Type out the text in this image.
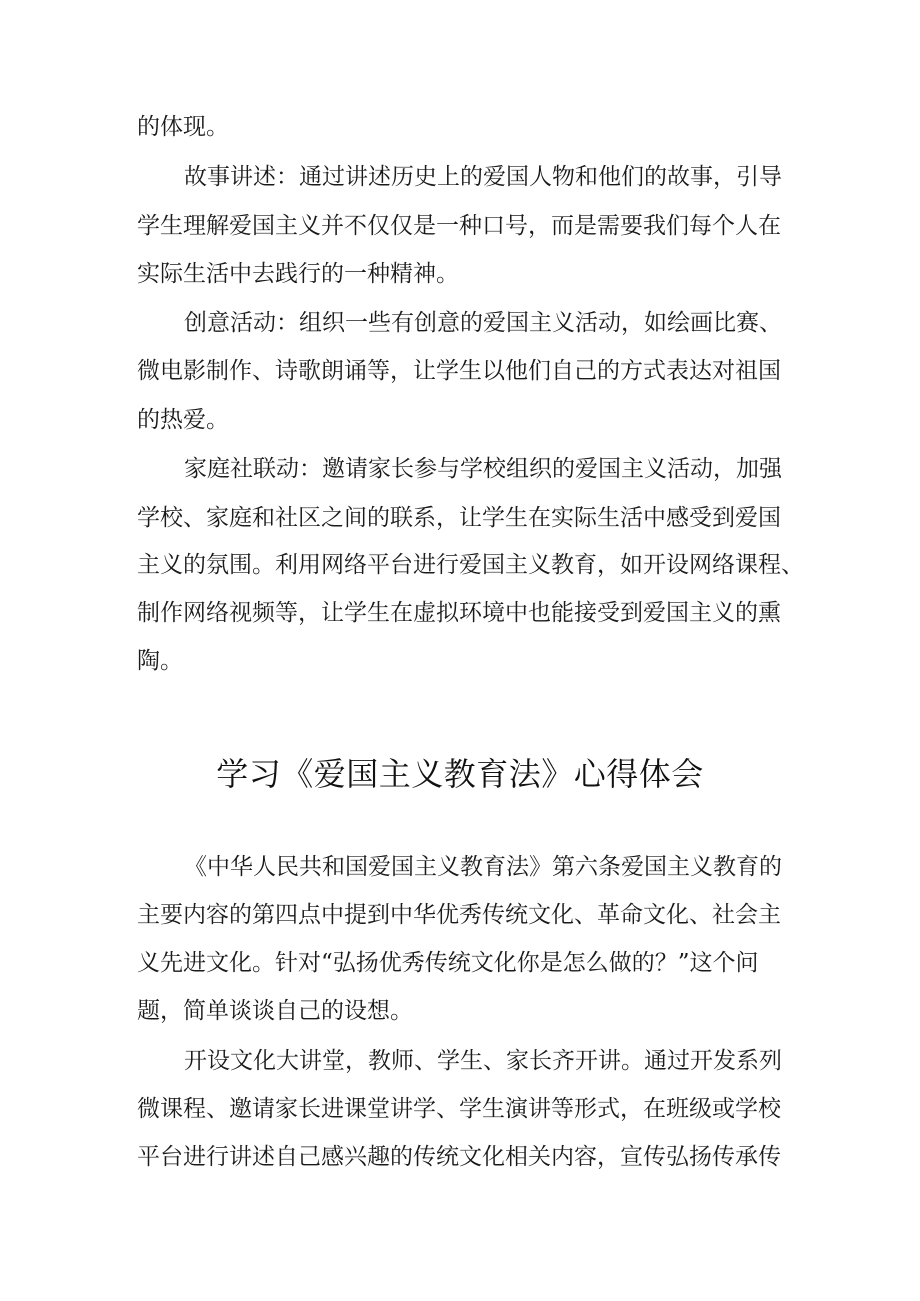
的体现。
故事讲述：通过讲述历史上的爱国人物和他们的故事，引导
学生理解爱国主义并不仅仅是一种口号，而是需要我们每个人在
实际生活中去践行的一种精神。
创意活动：组织一些有创意的爱国主义活动，如绘画比赛、
微电影制作、诗歌朗诵等，让学生以他们自己的方式表达对祖国
的热爱。
家庭社联动：邀请家长参与学校组织的爱国主义活动，加强
学校、家庭和社区之间的联系，让学生在实际生活中感受到爱国
主义的氛围。利用网络平台进行爱国主义教育，如开设网络课程、
制作网络视频等，让学生在虚拟环境中也能接受到爱国主义的熏
陶。
学习《爱国主义教育法》心得体会
《中华人民共和国爱国主义教育法》第六条爱国主义教育的
主要内容的第四点中提到中华优秀传统文化、革命文化、社会主
义先进文化。针对“弘扬优秀传统文化你是怎么做的？”这个问
题，简单谈谈自己的设想。
开设文化大讲堂，教师、学生、家长齐开讲。通过开发系列
微课程、邀请家长进课堂讲学、学生演讲等形式，在班级或学校
平台进行讲述自己感兴趣的传统文化相关内容，宣传弘扬传承传
